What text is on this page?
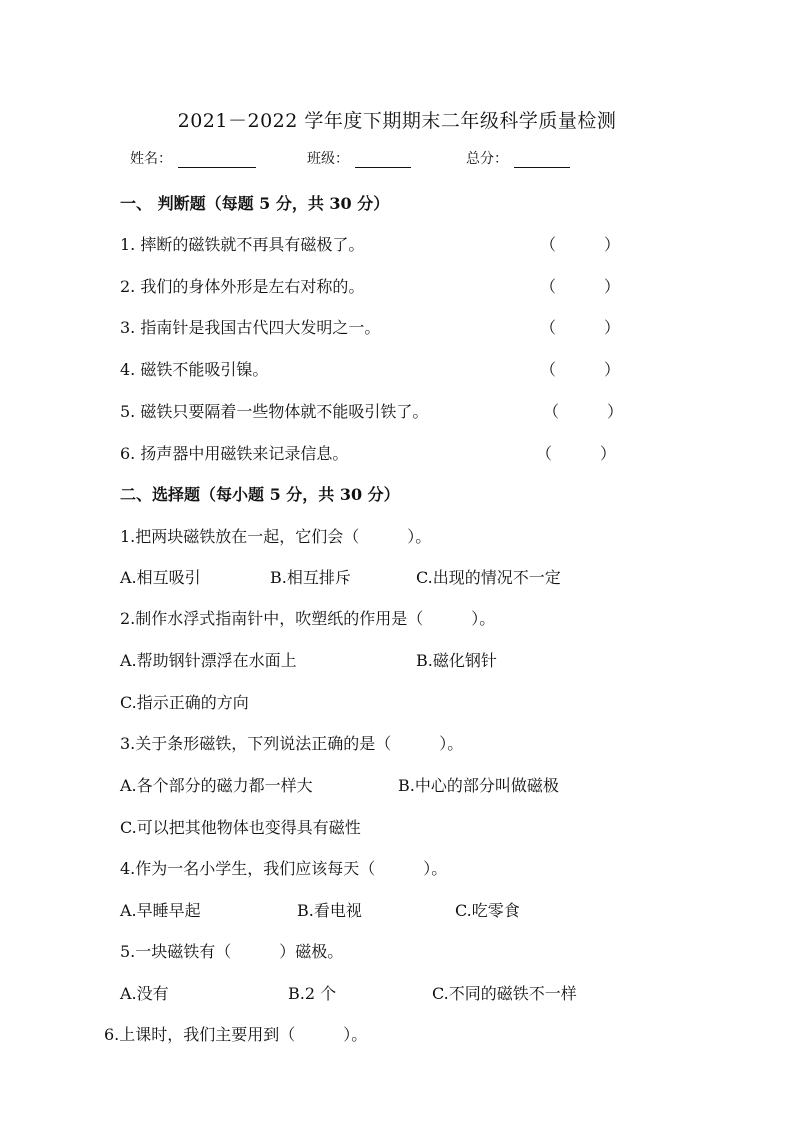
2021－2022 学年度下期期末二年级科学质量检测
姓名：	班级：	总分：
一、 判断题（每题 5 分，共 30 分）
1. 摔断的磁铁就不再具有磁极了。	（　　　）
2. 我们的身体外形是左右对称的。	（　　　）
3. 指南针是我国古代四大发明之一。	（　　　）
4. 磁铁不能吸引镍。	（　　　）
5. 磁铁只要隔着一些物体就不能吸引铁了。	（　　　）
6. 扬声器中用磁铁来记录信息。	（　　　）
二、选择题（每小题 5 分，共 30 分）
1.把两块磁铁放在一起，它们会（　　　）。
A.相互吸引	B.相互排斥	C.出现的情况不一定
2.制作水浮式指南针中，吹塑纸的作用是（　　　）。
A.帮助钢针漂浮在水面上	B.磁化钢针
C.指示正确的方向
3.关于条形磁铁，下列说法正确的是（　　　）。
A.各个部分的磁力都一样大	B.中心的部分叫做磁极
C.可以把其他物体也变得具有磁性
4.作为一名小学生，我们应该每天（　　　）。
A.早睡早起	B.看电视	C.吃零食
5.一块磁铁有（　　　）磁极。
A.没有	B.2 个	C.不同的磁铁不一样
6.上课时，我们主要用到（　　　）。
